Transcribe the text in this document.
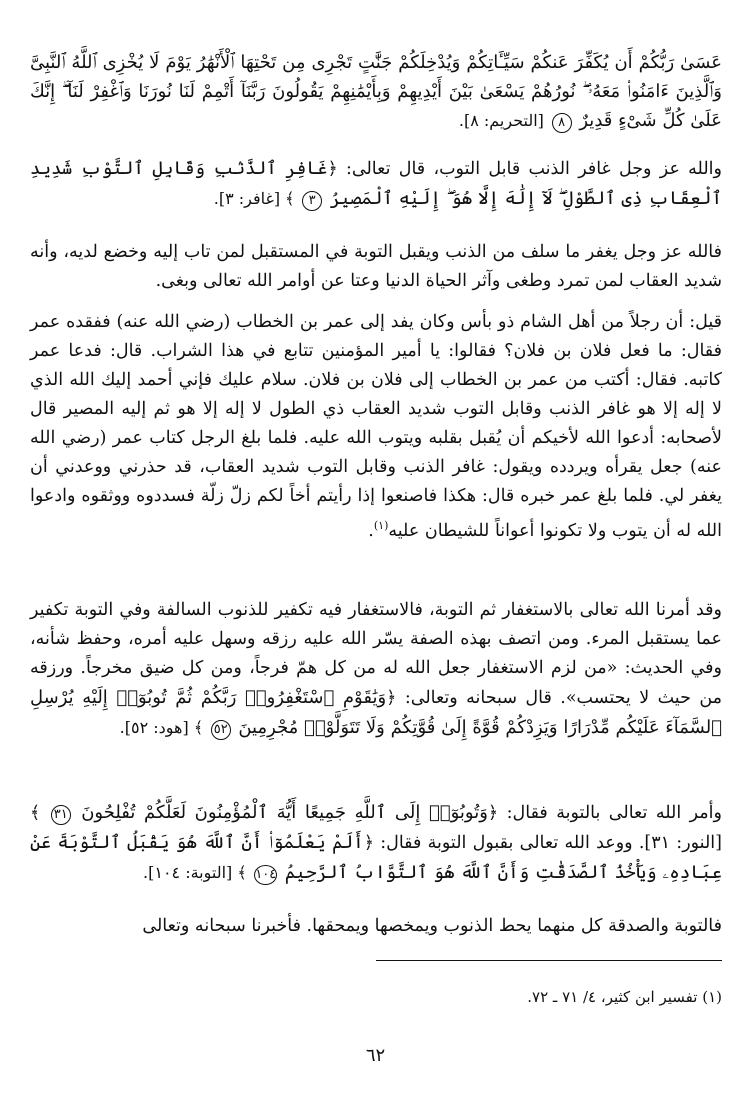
عَسَىٰ رَبُّكُمْ أَن يُكَفِّرَ عَنكُمْ سَيِّـَٔاتِكُمْ وَيُدْخِلَكُمْ جَنَّٰتٍ تَجْرِى مِن تَحْتِهَا ٱلْأَنْهَٰرُ يَوْمَ لَا يُخْزِى ٱللَّهُ ٱلنَّبِىَّ وَٱلَّذِينَ ءَامَنُوا۟ مَعَهُۥ ۖ نُورُهُمْ يَسْعَىٰ بَيْنَ أَيْدِيهِمْ وَبِأَيْمَٰنِهِمْ يَقُولُونَ رَبَّنَآ أَتْمِمْ لَنَا نُورَنَا وَٱغْفِرْ لَنَآ ۖ إِنَّكَ عَلَىٰ كُلِّ شَىْءٍ قَدِيرٌ ٨ [التحريم: ٨].

والله عز وجل غافر الذنب قابل التوب، قال تعالى: ﴿غَافِرِ ٱلذَّنۢبِ وَقَابِلِ ٱلتَّوْبِ شَدِيدِ ٱلْعِقَابِ ذِى ٱلطَّوْلِ ۖ لَآ إِلَٰهَ إِلَّا هُوَ ۖ إِلَيْهِ ٱلْمَصِيرُ ٣ ﴾ [غافر: ٣].

فالله عز وجل يغفر ما سلف من الذنب ويقبل التوبة في المستقبل لمن تاب إليه وخضع لديه، وأنه شديد العقاب لمن تمرد وطغى وآثر الحياة الدنيا وعتا عن أوامر الله تعالى وبغى.

قيل: أن رجلاً من أهل الشام ذو بأس وكان يفد إلى عمر بن الخطاب (رضي الله عنه) ففقده عمر فقال: ما فعل فلان بن فلان؟ فقالوا: يا أمير المؤمنين تتابع في هذا الشراب. قال: فدعا عمر كاتبه. فقال: أكتب من عمر بن الخطاب إلى فلان بن فلان. سلام عليك فإني أحمد إليك الله الذي لا إله إلا هو غافر الذنب وقابل التوب شديد العقاب ذي الطول لا إله إلا هو ثم إليه المصير قال لأصحابه: أدعوا الله لأخيكم أن يُقبل بقلبه ويتوب الله عليه. فلما بلغ الرجل كتاب عمر (رضي الله عنه) جعل يقرأه ويردده ويقول: غافر الذنب وقابل التوب شديد العقاب، قد حذرني ووعدني أن يغفر لي. فلما بلغ عمر خبره قال: هكذا فاصنعوا إذا رأيتم أخاً لكم زلّ زلّة فسددوه ووثقوه وادعوا الله له أن يتوب ولا تكونوا أعواناً للشيطان عليه$^{(١)}$.

وقد أمرنا الله تعالى بالاستغفار ثم التوبة، فالاستغفار فيه تكفير للذنوب السالفة وفي التوبة تكفير عما يستقبل المرء. ومن اتصف بهذه الصفة يسّر الله عليه رزقه وسهل عليه أمره، وحفظ شأنه، وفي الحديث: «من لزم الاستغفار جعل الله له من كل همّ فرجاً، ومن كل ضيق مخرجاً. ورزقه من حيث لا يحتسب». قال سبحانه وتعالى: ﴿وَيَٰقَوْمِ ٱسْتَغْفِرُوا۟ رَبَّكُمْ ثُمَّ تُوبُوٓا۟ إِلَيْهِ يُرْسِلِ ٱلسَّمَآءَ عَلَيْكُم مِّدْرَارًا وَيَزِدْكُمْ قُوَّةً إِلَىٰ قُوَّتِكُمْ وَلَا تَتَوَلَّوْا۟ مُجْرِمِينَ ٥٢ ﴾ [هود: ٥٢].

وأمر الله تعالى بالتوبة فقال: ﴿وَتُوبُوٓا۟ إِلَى ٱللَّهِ جَمِيعًا أَيُّهَ ٱلْمُؤْمِنُونَ لَعَلَّكُمْ تُفْلِحُونَ ٣١ ﴾ [النور: ٣١]. ووعد الله تعالى بقبول التوبة فقال: ﴿أَلَمْ يَعْلَمُوٓا۟ أَنَّ ٱللَّهَ هُوَ يَقْبَلُ ٱلتَّوْبَةَ عَنْ عِبَادِهِۦ وَيَأْخُذُ ٱلصَّدَقَٰتِ وَأَنَّ ٱللَّهَ هُوَ ٱلتَّوَّابُ ٱلرَّحِيمُ ١٠٤ ﴾ [التوبة: ١٠٤].

فالتوبة والصدقة كل منهما يحط الذنوب ويمخصها ويمحقها. فأخبرنا سبحانه وتعالى

(١) تفسير ابن كثير، ٤/ ٧١ ـ ٧٢.
٦٢
